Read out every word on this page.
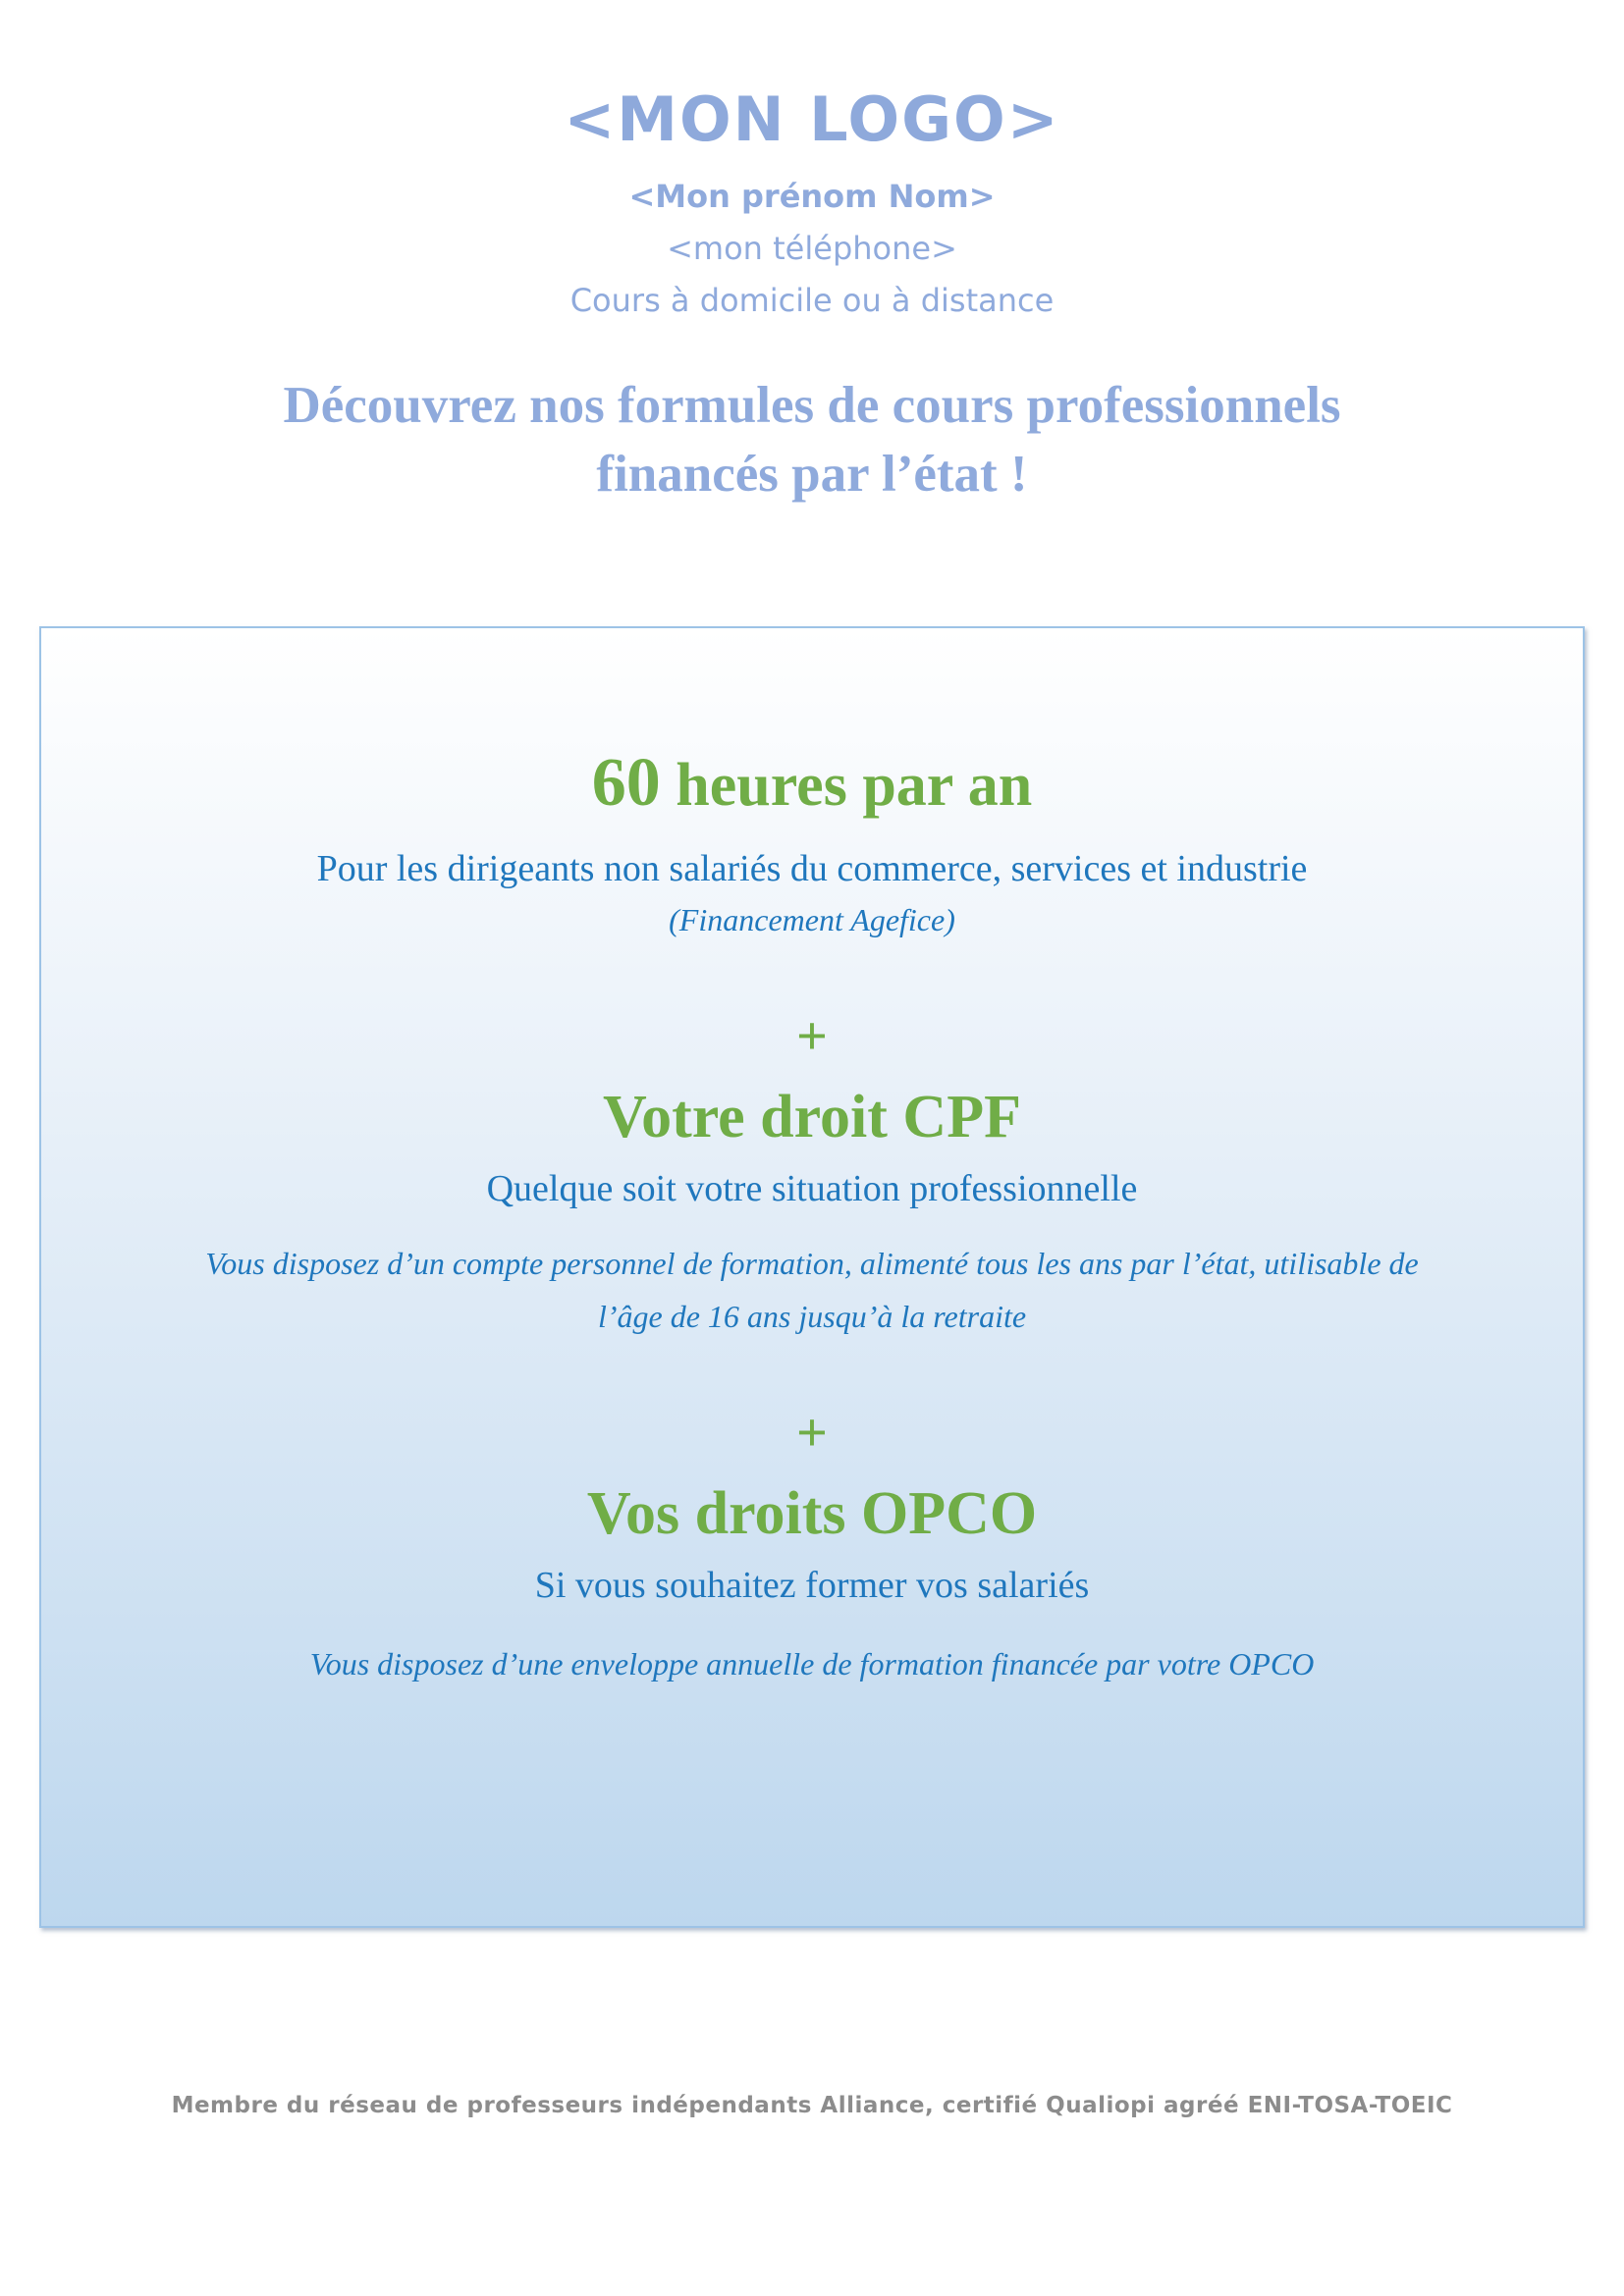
<MON LOGO>
<Mon prénom Nom>
<mon téléphone>
Cours à domicile ou à distance
Découvrez nos formules de cours professionnels
financés par l’état !
60 heures par an
Pour les dirigeants non salariés du commerce, services et industrie
(Financement Agefice)
+
Votre droit CPF
Quelque soit votre situation professionnelle
Vous disposez d’un compte personnel de formation, alimenté tous les ans par l’état, utilisable de
l’âge de 16 ans jusqu’à la retraite
+
Vos droits OPCO
Si vous souhaitez former vos salariés
Vous disposez d’une enveloppe annuelle de formation financée par votre OPCO
Membre du réseau de professeurs indépendants Alliance, certifié Qualiopi agréé ENI-TOSA-TOEIC
